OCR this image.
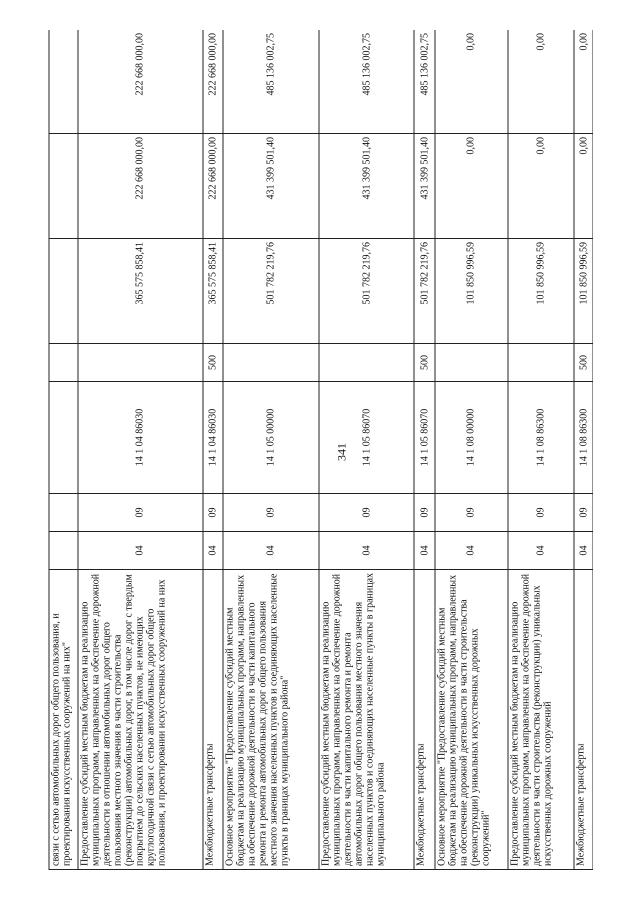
341
связи с сетью автомобильных дорог общего пользования, и проектирования искусственных сооружений на них"							
Предоставление субсидий местным бюджетам на реализацию муниципальных программ, направленных на обеспечение дорожной деятельности в отношении автомобильных дорог общего пользования местного значения в части строительства (реконструкции) автомобильных дорог, в том числе дорог с твердым покрытием до сельских населенных пунктов, не имеющих круглогодичной связи с сетью автомобильных дорог общего пользования, и проектировании искусственных сооружений на них	04	09	14 1 04 86030		365 575 858,41	222 668 000,00	222 668 000,00
Межбюджетные трансферты	04	09	14 1 04 86030	500	365 575 858,41	222 668 000,00	222 668 000,00
Основное мероприятие "Предоставление субсидий местным бюджетам на реализацию муниципальных программ, направленных на обеспечение дорожной деятельности в части капитального ремонта и ремонта автомобильных дорог общего пользования местного значения населенных пунктов и соединяющих населенные пункты в границах муниципального района"	04	09	14 1 05 00000		501 782 219,76	431 399 501,40	485 136 002,75
Предоставление субсидий местным бюджетам на реализацию муниципальных программ, направленных на обеспечение дорожной деятельности в части капитального ремонта и ремонта автомобильных дорог общего пользования местного значения населенных пунктов и соединяющих населенные пункты в границах муниципального района	04	09	14 1 05 86070		501 782 219,76	431 399 501,40	485 136 002,75
Межбюджетные трансферты	04	09	14 1 05 86070	500	501 782 219,76	431 399 501,40	485 136 002,75
Основное мероприятие "Предоставление субсидий местным бюджетам на реализацию муниципальных программ, направленных на обеспечение дорожной деятельности в части строительства (реконструкции) уникальных искусственных дорожных сооружений"	04	09	14 1 08 00000		101 850 996,59	0,00	0,00
Предоставление субсидий местным бюджетам на реализацию муниципальных программ, направленных на обеспечение дорожной деятельности в части строительства (реконструкции) уникальных искусственных дорожных сооружений	04	09	14 1 08 86300		101 850 996,59	0,00	0,00
Межбюджетные трансферты	04	09	14 1 08 86300	500	101 850 996,59	0,00	0,00
